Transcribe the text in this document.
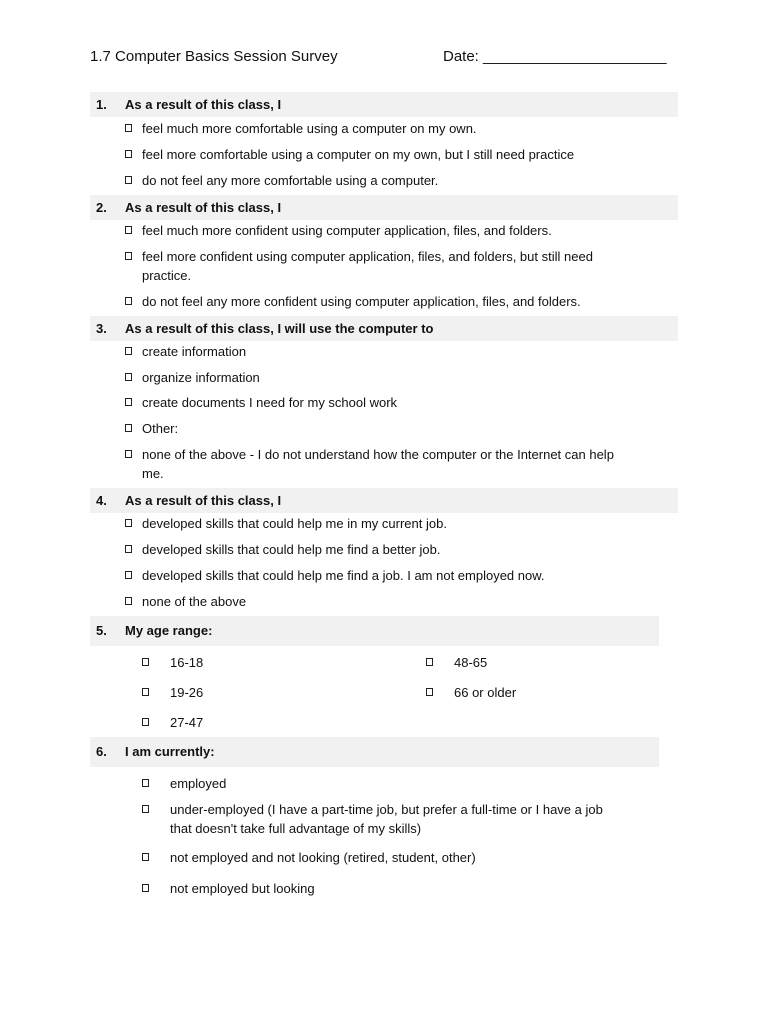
1.7 Computer Basics Session Survey	Date: ______________________
1. As a result of this class, I
feel much more comfortable using a computer on my own.
feel more comfortable using a computer on my own, but I still need practice
do not feel any more comfortable using a computer.
2. As a result of this class, I
feel much more confident using computer application, files, and folders.
feel more confident using computer application, files, and folders, but still need
practice.
do not feel any more confident using computer application, files, and folders.
3. As a result of this class, I will use the computer to
create information
organize information
create documents I need for my school work
Other:
none of the above - I do not understand how the computer or the Internet can help
me.
4. As a result of this class, I
developed skills that could help me in my current job.
developed skills that could help me find a better job.
developed skills that could help me find a job. I am not employed now.
none of the above
5. My age range:
16-18
19-26
27-47
48-65
66 or older
6. I am currently:
employed
under-employed (I have a part-time job, but prefer a full-time or I have a job
that doesn't take full advantage of my skills)
not employed and not looking (retired, student, other)
not employed but looking
